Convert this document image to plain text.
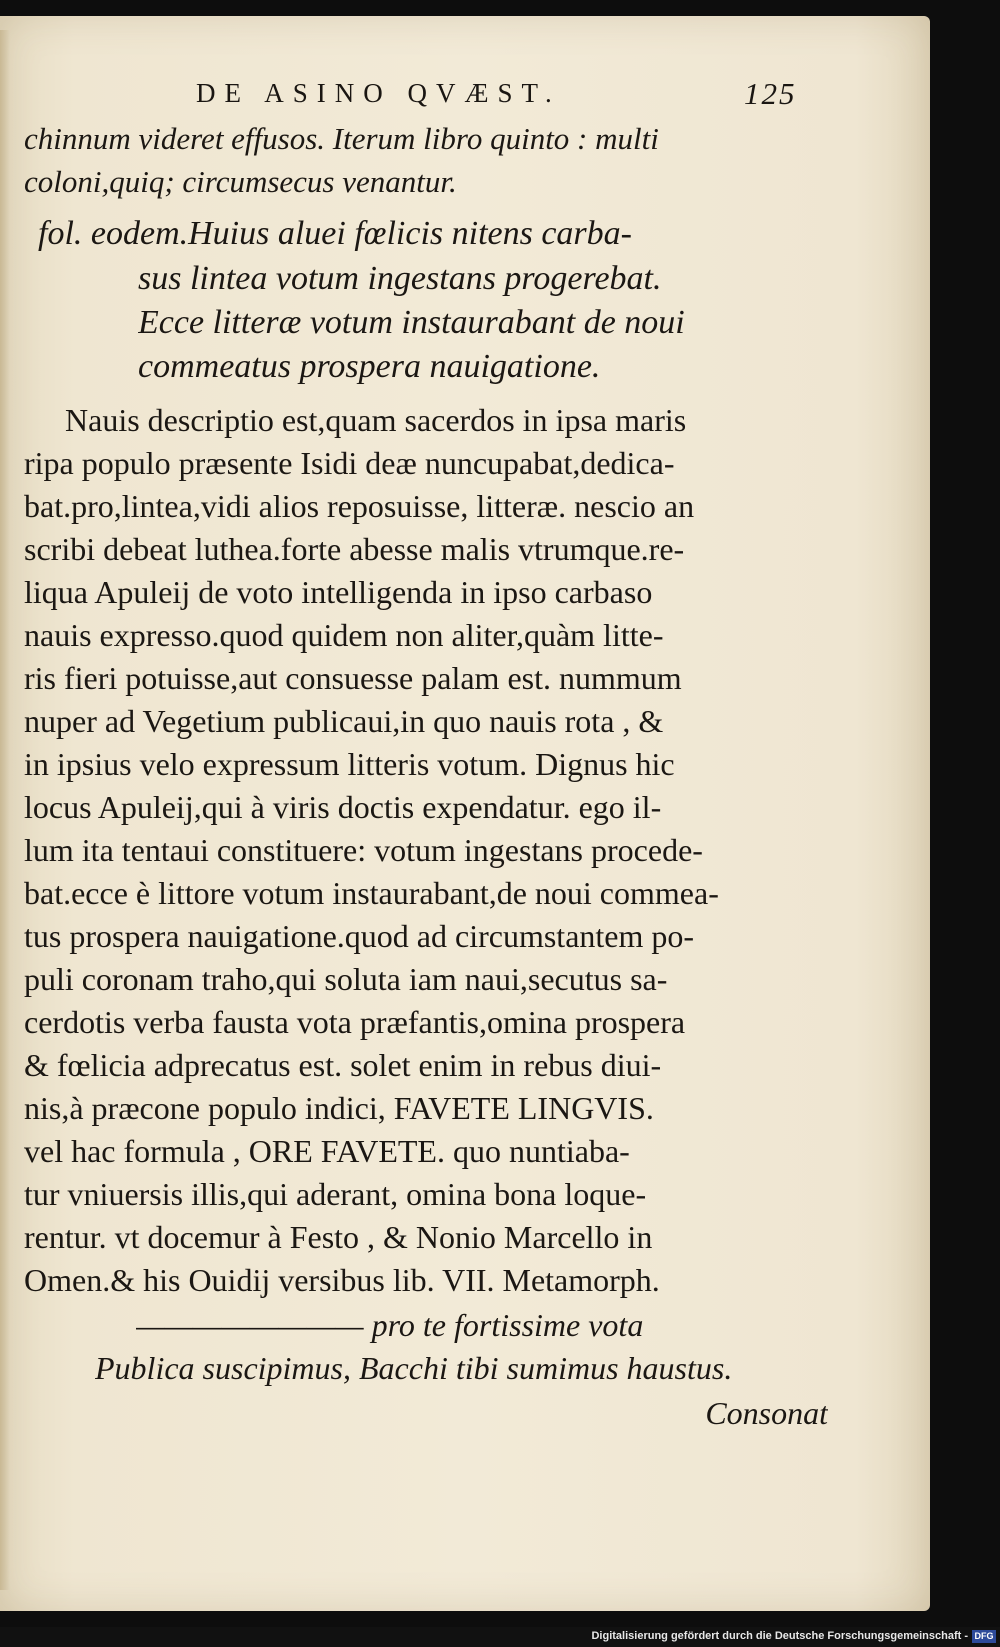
DE ASINO QVÆST.	125
chinnum videret effusos. Iterum libro quinto : multi
coloni,quiq; circumsecus venantur.
fol. eodem.Huius aluei fœlicis nitens carba-
sus lintea votum ingestans progerebat.
Ecce litteræ votum instaurabant de noui
commeatus prospera nauigatione.
Nauis descriptio est,quam sacerdos in ipsa maris
ripa populo præsente Isidi deæ nuncupabat,dedica-
bat.pro,lintea,vidi alios reposuisse, litteræ. nescio an
scribi debeat luthea.forte abesse malis vtrumque.re-
liqua Apuleij de voto intelligenda in ipso carbaso
nauis expresso.quod quidem non aliter,quàm litte-
ris fieri potuisse,aut consuesse palam est. nummum
nuper ad Vegetium publicaui,in quo nauis rota , &
in ipsius velo expressum litteris votum. Dignus hic
locus Apuleij,qui à viris doctis expendatur. ego il-
lum ita tentaui constituere: votum ingestans procede-
bat.ecce è littore votum instaurabant,de noui commea-
tus prospera nauigatione.quod ad circumstantem po-
puli coronam traho,qui soluta iam naui,secutus sa-
cerdotis verba fausta vota præfantis,omina prospera
& fœlicia adprecatus est. solet enim in rebus diui-
nis,à præcone populo indici, FAVETE LINGVIS.
vel hac formula , ORE FAVETE. quo nuntiaba-
tur vniuersis illis,qui aderant, omina bona loque-
rentur. vt docemur à Festo , & Nonio Marcello in
Omen.& his Ouidij versibus lib. VII. Metamorph.
———————— pro te fortissime vota
Publica suscipimus, Bacchi tibi sumimus haustus.
Consonat
Digitalisierung gefördert durch die Deutsche Forschungsgemeinschaft - DFG
